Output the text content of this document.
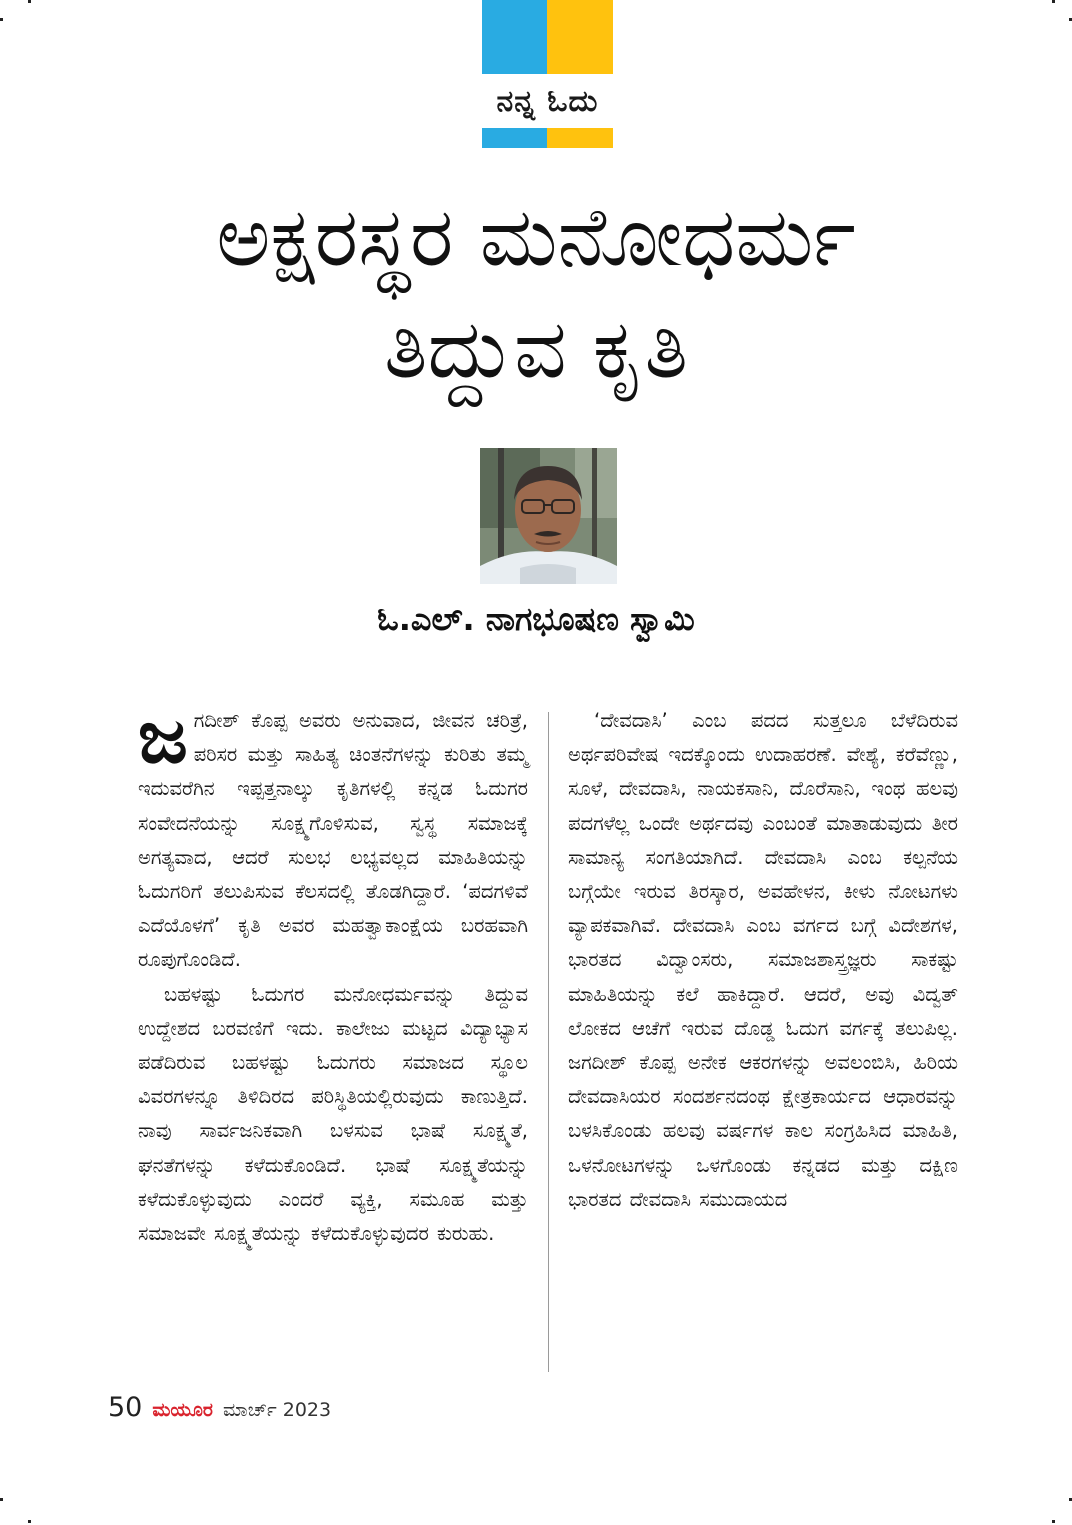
ನನ್ನ ಓದು
ಅಕ್ಷರಸ್ಥರ ಮನೋಧರ್ಮ
ತಿದ್ದುವ ಕೃತಿ
ಓ.ಎಲ್. ನಾಗಭೂಷಣ ಸ್ವಾಮಿ

ಜಗದೀಶ್ ಕೊಪ್ಪ ಅವರು ಅನುವಾದ, ಜೀವನ ಚರಿತ್ರೆ, ಪರಿಸರ ಮತ್ತು ಸಾಹಿತ್ಯ ಚಿಂತನೆಗಳನ್ನು ಕುರಿತು ತಮ್ಮ ಇದುವರೆಗಿನ ಇಪ್ಪತ್ತನಾಲ್ಕು ಕೃತಿಗಳಲ್ಲಿ ಕನ್ನಡ ಓದುಗರ ಸಂವೇದನೆಯನ್ನು ಸೂಕ್ಷ್ಮಗೊಳಿಸುವ, ಸ್ವಸ್ಥ ಸಮಾಜಕ್ಕೆ ಅಗತ್ಯವಾದ, ಆದರೆ ಸುಲಭ ಲಭ್ಯವಲ್ಲದ ಮಾಹಿತಿಯನ್ನು ಓದುಗರಿಗೆ ತಲುಪಿಸುವ ಕೆಲಸದಲ್ಲಿ ತೊಡಗಿದ್ದಾರೆ. ‘ಪದಗಳಿವೆ ಎದೆಯೊಳಗೆ’ ಕೃತಿ ಅವರ ಮಹತ್ವಾಕಾಂಕ್ಷೆಯ ಬರಹವಾಗಿ ರೂಪುಗೊಂಡಿದೆ.

ಬಹಳಷ್ಟು ಓದುಗರ ಮನೋಧರ್ಮವನ್ನು ತಿದ್ದುವ ಉದ್ದೇಶದ ಬರವಣಿಗೆ ಇದು. ಕಾಲೇಜು ಮಟ್ಟದ ವಿದ್ಯಾಭ್ಯಾಸ ಪಡೆದಿರುವ ಬಹಳಷ್ಟು ಓದುಗರು ಸಮಾಜದ ಸ್ಥೂಲ ವಿವರಗಳನ್ನೂ ತಿಳಿದಿರದ ಪರಿಸ್ಥಿತಿಯಲ್ಲಿರುವುದು ಕಾಣುತ್ತಿದೆ. ನಾವು ಸಾರ್ವಜನಿಕವಾಗಿ ಬಳಸುವ ಭಾಷೆ ಸೂಕ್ಷ್ಮತೆ, ಘನತೆಗಳನ್ನು ಕಳೆದುಕೊಂಡಿದೆ. ಭಾಷೆ ಸೂಕ್ಷ್ಮತೆಯನ್ನು ಕಳೆದುಕೊಳ್ಳುವುದು ಎಂದರೆ ವ್ಯಕ್ತಿ, ಸಮೂಹ ಮತ್ತು ಸಮಾಜವೇ ಸೂಕ್ಷ್ಮತೆಯನ್ನು ಕಳೆದುಕೊಳ್ಳುವುದರ ಕುರುಹು.

‘ದೇವದಾಸಿ’ ಎಂಬ ಪದದ ಸುತ್ತಲೂ ಬೆಳೆದಿರುವ ಅರ್ಥಪರಿವೇಷ ಇದಕ್ಕೊಂದು ಉದಾಹರಣೆ. ವೇಶ್ಯೆ, ಕರೆವೆಣ್ಣು, ಸೂಳೆ, ದೇವದಾಸಿ, ನಾಯಕಸಾನಿ, ದೊರೆಸಾನಿ, ಇಂಥ ಹಲವು ಪದಗಳೆಲ್ಲ ಒಂದೇ ಅರ್ಥದವು ಎಂಬಂತೆ ಮಾತಾಡುವುದು ತೀರ ಸಾಮಾನ್ಯ ಸಂಗತಿಯಾಗಿದೆ. ದೇವದಾಸಿ ಎಂಬ ಕಲ್ಪನೆಯ ಬಗ್ಗೆಯೇ ಇರುವ ತಿರಸ್ಕಾರ, ಅವಹೇಳನ, ಕೀಳು ನೋಟಗಳು ವ್ಯಾಪಕವಾಗಿವೆ. ದೇವದಾಸಿ ಎಂಬ ವರ್ಗದ ಬಗ್ಗೆ ವಿದೇಶಗಳ, ಭಾರತದ ವಿದ್ವಾಂಸರು, ಸಮಾಜಶಾಸ್ತ್ರಜ್ಞರು ಸಾಕಷ್ಟು ಮಾಹಿತಿಯನ್ನು ಕಲೆ ಹಾಕಿದ್ದಾರೆ. ಆದರೆ, ಅವು ವಿದ್ವತ್ ಲೋಕದ ಆಚೆಗೆ ಇರುವ ದೊಡ್ಡ ಓದುಗ ವರ್ಗಕ್ಕೆ ತಲುಪಿಲ್ಲ. ಜಗದೀಶ್ ಕೊಪ್ಪ ಅನೇಕ ಆಕರಗಳನ್ನು ಅವಲಂಬಿಸಿ, ಹಿರಿಯ ದೇವದಾಸಿಯರ ಸಂದರ್ಶನದಂಥ ಕ್ಷೇತ್ರಕಾರ್ಯದ ಆಧಾರವನ್ನು ಬಳಸಿಕೊಂಡು ಹಲವು ವರ್ಷಗಳ ಕಾಲ ಸಂಗ್ರಹಿಸಿದ ಮಾಹಿತಿ, ಒಳನೋಟಗಳನ್ನು ಒಳಗೊಂಡು ಕನ್ನಡದ ಮತ್ತು ದಕ್ಷಿಣ ಭಾರತದ ದೇವದಾಸಿ ಸಮುದಾಯದ

50 ಮಯೂರ ಮಾರ್ಚ್ 2023
